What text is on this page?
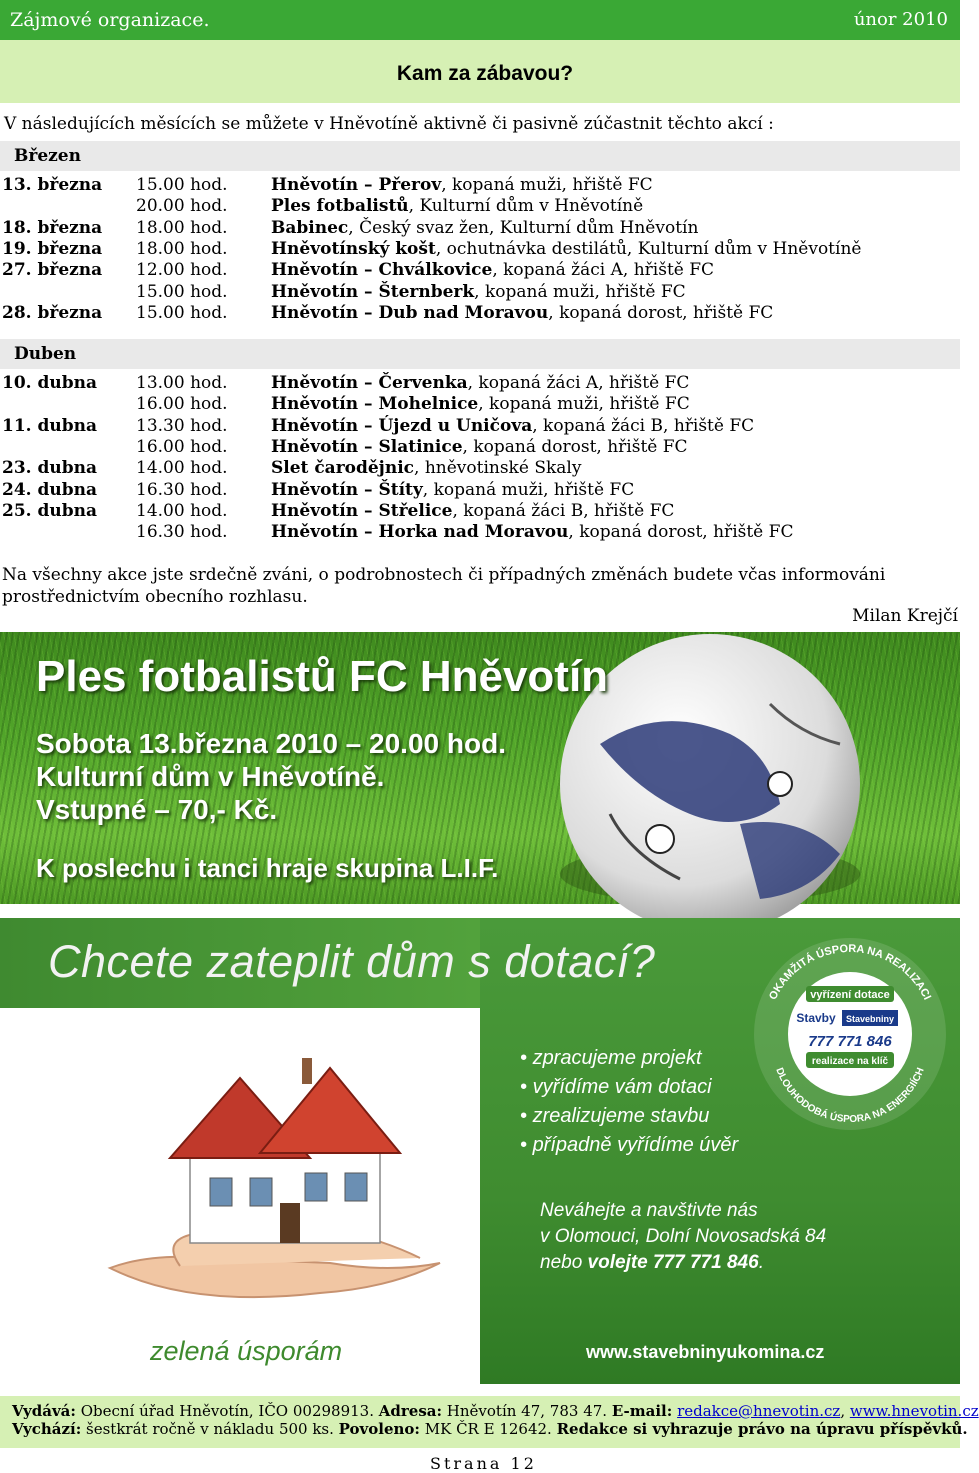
Zájmové organizace.	únor 2010
Kam za zábavou?
V následujících měsících se můžete v Hněvotíně aktivně či pasivně zúčastnit těchto akcí :
Březen
13. března 15.00 hod.	Hněvotín – Přerov, kopaná muži, hřiště FC
20.00 hod.	Ples fotbalistů, Kulturní dům v Hněvotíně
18. března 18.00 hod.	Babinec, Český svaz žen, Kulturní dům Hněvotín
19. března 18.00 hod.	Hněvotínský košt, ochutnávka destilátů, Kulturní dům v Hněvotíně
27. března 12.00 hod.	Hněvotín – Chválkovice, kopaná žáci A, hřiště FC
15.00 hod.	Hněvotín – Šternberk, kopaná muži, hřiště FC
28. března 15.00 hod.	Hněvotín – Dub nad Moravou, kopaná dorost, hřiště FC
Duben
10. dubna 13.00 hod.	Hněvotín – Červenka, kopaná žáci A, hřiště FC
16.00 hod.	Hněvotín – Mohelnice, kopaná muži, hřiště FC
11. dubna 13.30 hod.	Hněvotín – Újezd u Uničova, kopaná žáci B, hřiště FC
16.00 hod.	Hněvotín – Slatinice, kopaná dorost, hřiště FC
23. dubna 14.00 hod.	Slet čarodějnic, hněvotinské Skaly
24. dubna 16.30 hod.	Hněvotín – Štíty, kopaná muži, hřiště FC
25. dubna 14.00 hod.	Hněvotín – Střelice, kopaná žáci B, hřiště FC
16.30 hod.	Hněvotín – Horka nad Moravou, kopaná dorost, hřiště FC
Na všechny akce jste srdečně zváni, o podrobnostech či případných změnách budete včas informováni prostřednictvím obecního rozhlasu.
Milan Krejčí
Ples fotbalistů FC Hněvotín
Sobota 13.března 2010 – 20.00 hod.
Kulturní dům v Hněvotíně.
Vstupné – 70,- Kč.
K poslechu i tanci hraje skupina L.I.F.
Chcete zateplit dům s dotací?
OKAMŽITÁ ÚSPORA NA REALIZACI
DLOUHODOBÁ ÚSPORA NA ENERGIÍCH
vyřízení dotace
Stavby Stavebniny
777 771 846
realizace na klíč
• zpracujeme projekt
• vyřídíme vám dotaci
• zrealizujeme stavbu
• případně vyřídíme úvěr
Neváhejte a navštivte nás
v Olomouci, Dolní Novosadská 84
nebo volejte 777 771 846.
www.stavebninyukomina.cz
zelená úsporám
Vydává: Obecní úřad Hněvotín, IČO 00298913. Adresa: Hněvotín 47, 783 47. E-mail: redakce@hnevotin.cz, www.hnevotin.cz
Vychází: šestkrát ročně v nákladu 500 ks. Povoleno: MK ČR E 12642. Redakce si vyhrazuje právo na úpravu příspěvků.
Strana 12
